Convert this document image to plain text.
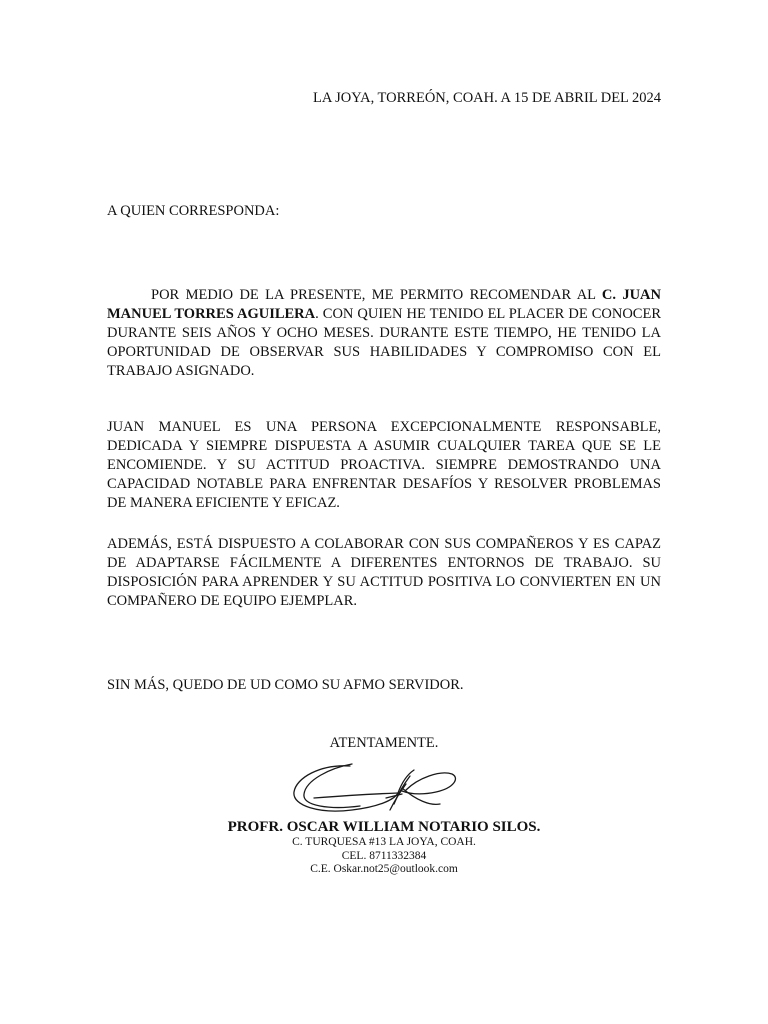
LA JOYA, TORREÓN, COAH. A 15 DE ABRIL DEL 2024
A QUIEN CORRESPONDA:

POR MEDIO DE LA PRESENTE, ME PERMITO RECOMENDAR AL C. JUAN MANUEL TORRES AGUILERA. CON QUIEN HE TENIDO EL PLACER DE CONOCER DURANTE SEIS AÑOS Y OCHO MESES. DURANTE ESTE TIEMPO, HE TENIDO LA OPORTUNIDAD DE OBSERVAR SUS HABILIDADES Y COMPROMISO CON EL TRABAJO ASIGNADO.

JUAN MANUEL ES UNA PERSONA EXCEPCIONALMENTE RESPONSABLE, DEDICADA Y SIEMPRE DISPUESTA A ASUMIR CUALQUIER TAREA QUE SE LE ENCOMIENDE. Y SU ACTITUD PROACTIVA. SIEMPRE DEMOSTRANDO UNA CAPACIDAD NOTABLE PARA ENFRENTAR DESAFÍOS Y RESOLVER PROBLEMAS DE MANERA EFICIENTE Y EFICAZ.

ADEMÁS, ESTÁ DISPUESTO A COLABORAR CON SUS COMPAÑEROS Y ES CAPAZ DE ADAPTARSE FÁCILMENTE A DIFERENTES ENTORNOS DE TRABAJO. SU DISPOSICIÓN PARA APRENDER Y SU ACTITUD POSITIVA LO CONVIERTEN EN UN COMPAÑERO DE EQUIPO EJEMPLAR.

SIN MÁS, QUEDO DE UD COMO SU AFMO SERVIDOR.
ATENTAMENTE.
PROFR. OSCAR WILLIAM NOTARIO SILOS.
C. TURQUESA #13 LA JOYA, COAH.
CEL. 8711332384
C.E. Oskar.not25@outlook.com
